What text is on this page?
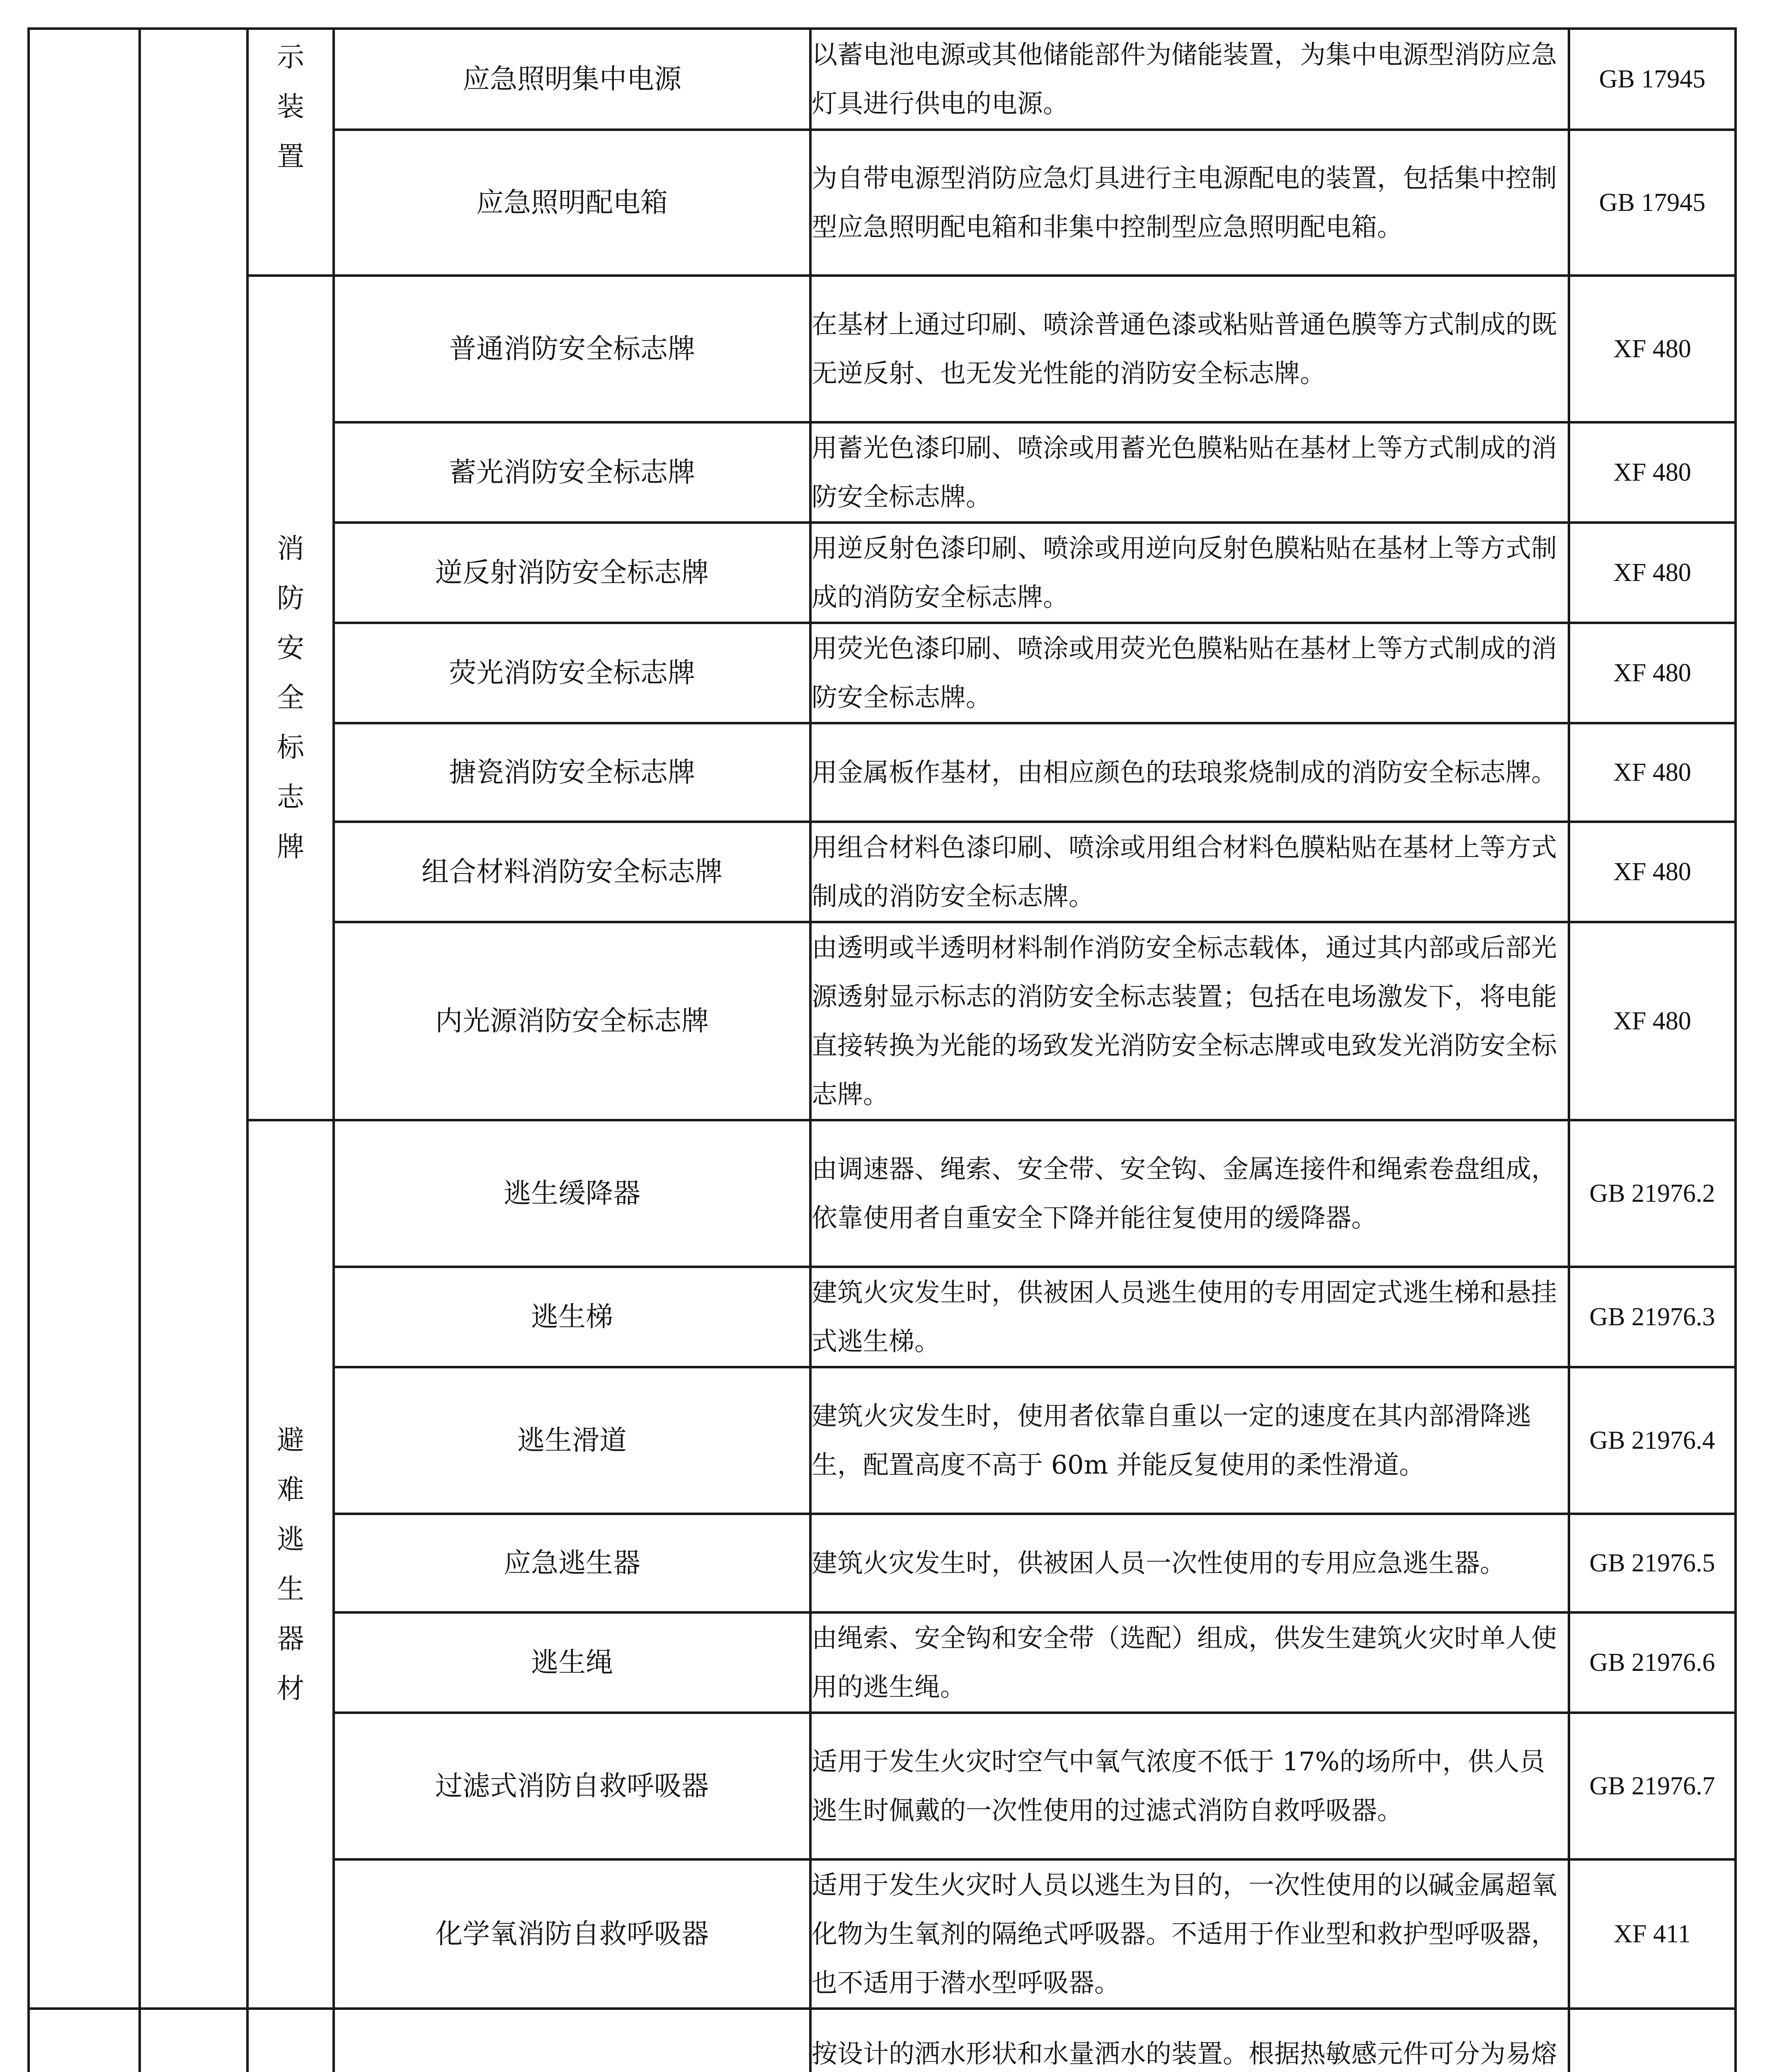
		示装置	应急照明集中电源	以蓄电池电源或其他储能部件为储能装置，为集中电源型消防应急灯具进行供电的电源。	GB 17945
			应急照明配电箱	为自带电源型消防应急灯具进行主电源配电的装置，包括集中控制型应急照明配电箱和非集中控制型应急照明配电箱。	GB 17945

		消防安全标志牌	普通消防安全标志牌	在基材上通过印刷、喷涂普通色漆或粘贴普通色膜等方式制成的既无逆反射、也无发光性能的消防安全标志牌。	XF 480
			蓄光消防安全标志牌	用蓄光色漆印刷、喷涂或用蓄光色膜粘贴在基材上等方式制成的消防安全标志牌。	XF 480
			逆反射消防安全标志牌	用逆反射色漆印刷、喷涂或用逆向反射色膜粘贴在基材上等方式制成的消防安全标志牌。	XF 480
			荧光消防安全标志牌	用荧光色漆印刷、喷涂或用荧光色膜粘贴在基材上等方式制成的消防安全标志牌。	XF 480
			搪瓷消防安全标志牌	用金属板作基材，由相应颜色的珐琅浆烧制成的消防安全标志牌。	XF 480
			组合材料消防安全标志牌	用组合材料色漆印刷、喷涂或用组合材料色膜粘贴在基材上等方式制成的消防安全标志牌。	XF 480
			内光源消防安全标志牌	由透明或半透明材料制作消防安全标志载体，通过其内部或后部光源透射显示标志的消防安全标志装置；包括在电场激发下，将电能直接转换为光能的场致发光消防安全标志牌或电致发光消防安全标志牌。	XF 480

		避难逃生器材	逃生缓降器	由调速器、绳索、安全带、安全钩、金属连接件和绳索卷盘组成，依靠使用者自重安全下降并能往复使用的缓降器。	GB 21976.2
			逃生梯	建筑火灾发生时，供被困人员逃生使用的专用固定式逃生梯和悬挂式逃生梯。	GB 21976.3
			逃生滑道	建筑火灾发生时，使用者依靠自重以一定的速度在其内部滑降逃生，配置高度不高于 60m 并能反复使用的柔性滑道。	GB 21976.4
			应急逃生器	建筑火灾发生时，供被困人员一次性使用的专用应急逃生器。	GB 21976.5
			逃生绳	由绳索、安全钩和安全带（选配）组成，供发生建筑火灾时单人使用的逃生绳。	GB 21976.6
			过滤式消防自救呼吸器	适用于发生火灾时空气中氧气浓度不低于 17%的场所中，供人员逃生时佩戴的一次性使用的过滤式消防自救呼吸器。	GB 21976.7
			化学氧消防自救呼吸器	适用于发生火灾时人员以逃生为目的，一次性使用的以碱金属超氧化物为生氧剂的隔绝式呼吸器。不适用于作业型和救护型呼吸器，也不适用于潜水型呼吸器。	XF 411

		按设计的洒水形状和水量洒水的装置。根据热敏感元件可分为易熔	
